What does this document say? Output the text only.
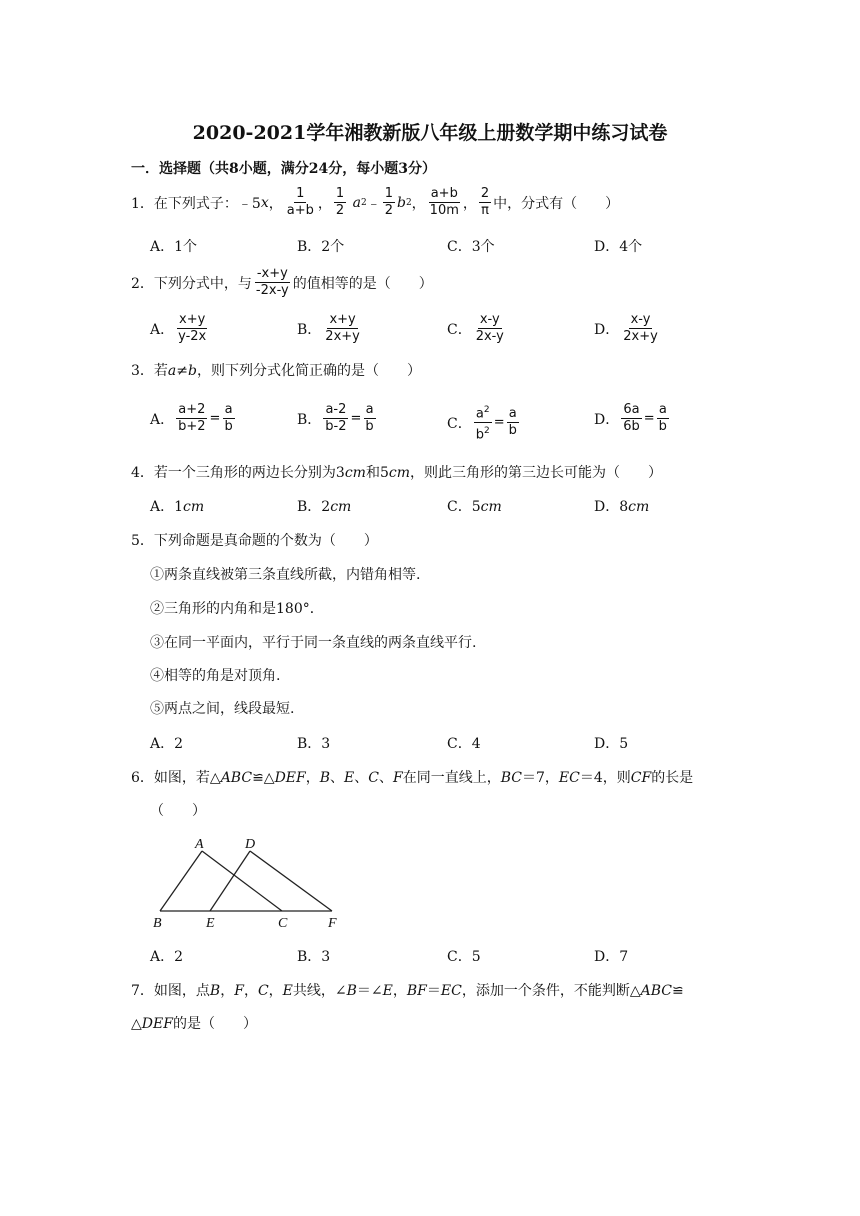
2020-2021学年湘教新版八年级上册数学期中练习试卷
一．选择题（共8小题，满分24分，每小题3分）
1．在下列式子：﹣5 x ， $\frac{1}{a+b}$ ， $\frac{1}{2}$
a 2 ﹣ $\frac{1}{2}$ b 2 ， $\frac{a+b}{10m}$ ， $\frac{2}{\pi}$ 中，分式有（　　）
A．1个	B．2个	C．3个	D．4个
2．下列分式中，与 $\frac{-x+y}{-2x-y}$ 的值相等的是（　　）
A． $\frac{x+y}{y-2x}$	B． $\frac{x+y}{2x+y}$	C． $\frac{x-y}{2x-y}$	D． $\frac{x-y}{2x+y}$
3．若a≠b，则下列分式化简正确的是（　　）
A． $\frac{a+2}{b+2} = \frac{a}{b}$	B． $\frac{a-2}{b-2} = \frac{a}{b}$	C． $\frac{a^2}{b^2} = \frac{a}{b}$	D． $\frac{6a}{6b} = \frac{a}{b}$
4．若一个三角形的两边长分别为3cm和5cm，则此三角形的第三边长可能为（　　）
A．1cm	B．2cm	C．5cm	D．8cm
5．下列命题是真命题的个数为（　　）
①两条直线被第三条直线所截，内错角相等.
②三角形的内角和是180°．
③在同一平面内，平行于同一条直线的两条直线平行.
④相等的角是对顶角.
⑤两点之间，线段最短.
A．2	B．3	C．4	D．5
6．如图，若△ABC≌△DEF，B、E、C、F在同一直线上，BC＝7，EC＝4，则CF的长是
（　　）
A	D
B	E	C	F
A．2	B．3	C．5	D．7
7．如图，点B，F，C，E共线，∠B＝∠E，BF＝EC，添加一个条件，不能判断△ABC≌
△DEF的是（　　）
